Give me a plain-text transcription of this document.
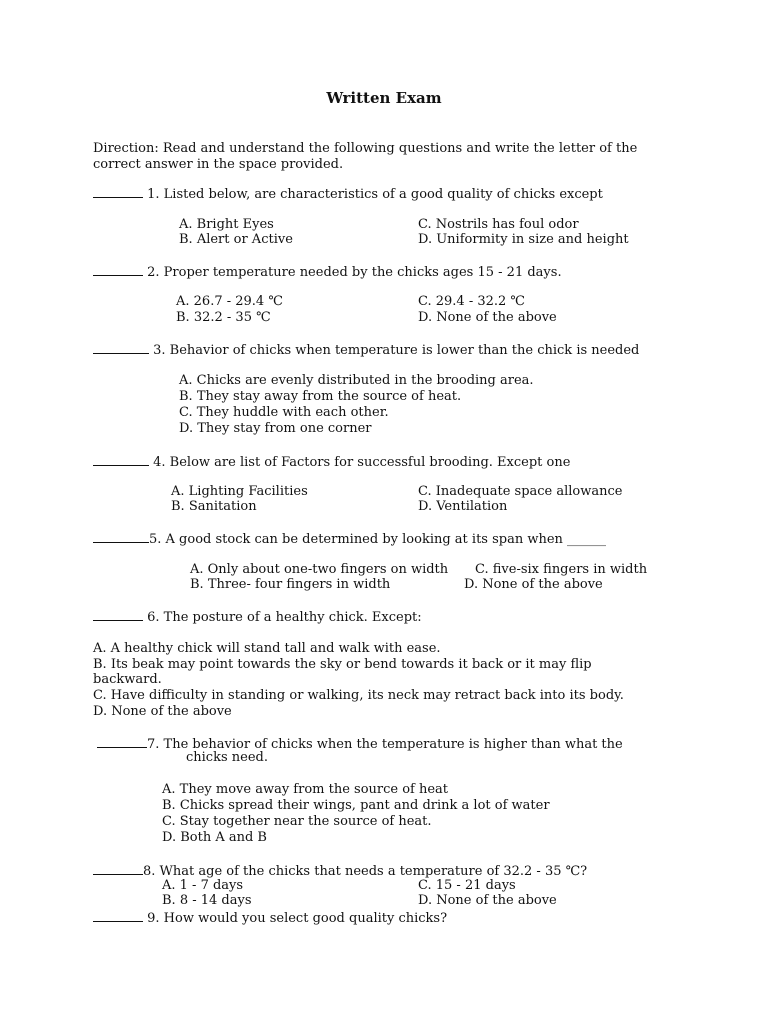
Written Exam
Direction: Read and understand the following questions and write the letter of the
correct answer in the space provided.
1. Listed below, are characteristics of a good quality of chicks except
A. Bright Eyes	C. Nostrils has foul odor
B. Alert or Active	D. Uniformity in size and height
2. Proper temperature needed by the chicks ages 15 - 21 days.
A. 26.7 - 29.4 ℃	C. 29.4 - 32.2 ℃
B. 32.2 - 35 ℃	D. None of the above
3. Behavior of chicks when temperature is lower than the chick is needed
A. Chicks are evenly distributed in the brooding area.
B. They stay away from the source of heat.
C. They huddle with each other.
D. They stay from one corner
4. Below are list of Factors for successful brooding. Except one
A. Lighting Facilities	C. Inadequate space allowance
B. Sanitation	D. Ventilation
5. A good stock can be determined by looking at its span when ______
A. Only about one-two fingers on width C. five-six fingers in width
B. Three- four fingers in width	D. None of the above
6. The posture of a healthy chick. Except:
A. A healthy chick will stand tall and walk with ease.
B. Its beak may point towards the sky or bend towards it back or it may flip
backward.
C. Have difficulty in standing or walking, its neck may retract back into its body.
D. None of the above
7. The behavior of chicks when the temperature is higher than what the
chicks need.
A. They move away from the source of heat
B. Chicks spread their wings, pant and drink a lot of water
C. Stay together near the source of heat.
D. Both A and B
8. What age of the chicks that needs a temperature of 32.2 - 35 ℃?
A. 1 - 7 days	C. 15 - 21 days
B. 8 - 14 days	D. None of the above
9. How would you select good quality chicks?
